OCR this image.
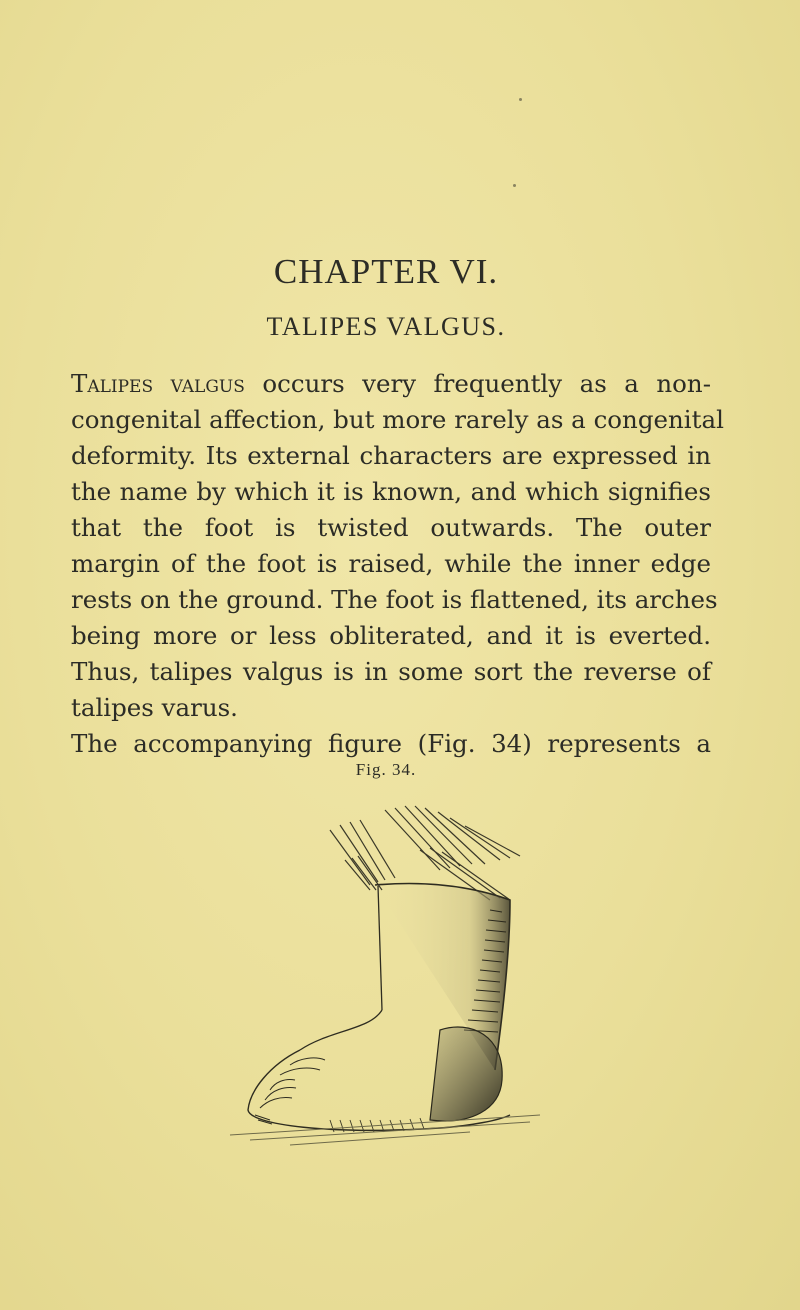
CHAPTER VI.
TALIPES VALGUS.
Talipes valgus occurs very frequently as a non-
congenital affection, but more rarely as a congenital
deformity. Its external characters are expressed in
the name by which it is known, and which signifies
that the foot is twisted outwards. The outer
margin of the foot is raised, while the inner edge
rests on the ground. The foot is flattened, its arches
being more or less obliterated, and it is everted.
Thus, talipes valgus is in some sort the reverse of
talipes varus.
The accompanying figure (Fig. 34) represents a
Fig. 34.
